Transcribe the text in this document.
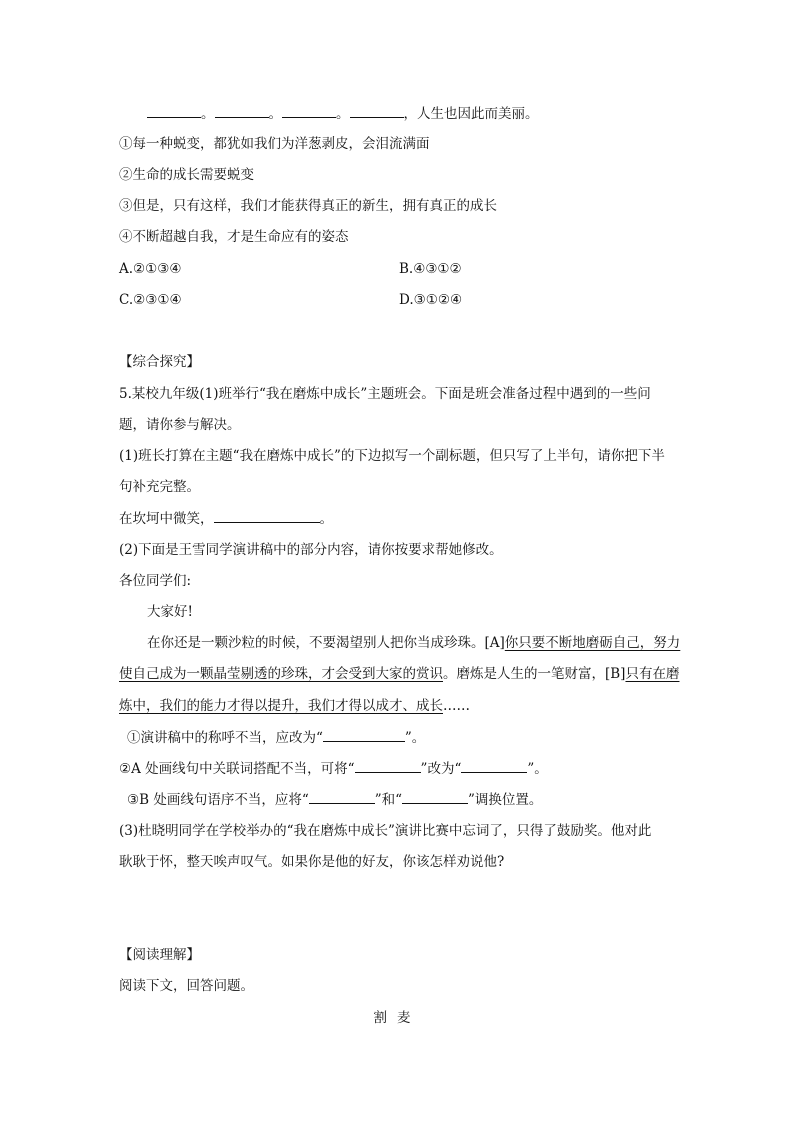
。	。	。	，人生也因此而美丽。
①每一种蜕变，都犹如我们为洋葱剥皮，会泪流满面
②生命的成长需要蜕变
③但是，只有这样，我们才能获得真正的新生，拥有真正的成长
④不断超越自我，才是生命应有的姿态
A.②①③④	B.④③①②
C.②③①④	D.③①②④
【综合探究】
5.某校九年级(1)班举行“我在磨炼中成长”主题班会。下面是班会准备过程中遇到的一些问
题，请你参与解决。
(1)班长打算在主题“我在磨炼中成长”的下边拟写一个副标题，但只写了上半句，请你把下半
句补充完整。
在坎坷中微笑，	。
(2)下面是王雪同学演讲稿中的部分内容，请你按要求帮她修改。
各位同学们:
大家好!
在你还是一颗沙粒的时候，不要渴望别人把你当成珍珠。[A]你只要不断地磨砺自己，努力
使自己成为一颗晶莹剔透的珍珠，才会受到大家的赏识。磨炼是人生的一笔财富，[B]只有在磨
炼中，我们的能力才得以提升，我们才得以成才、成长……
①演讲稿中的称呼不当，应改为“	”。
②A 处画线句中关联词搭配不当，可将“	”改为“	”。
③B 处画线句语序不当，应将“	”和“	”调换位置。
(3)杜晓明同学在学校举办的“我在磨炼中成长”演讲比赛中忘词了，只得了鼓励奖。他对此
耿耿于怀，整天唉声叹气。如果你是他的好友，你该怎样劝说他?
【阅读理解】
阅读下文，回答问题。
割麦
